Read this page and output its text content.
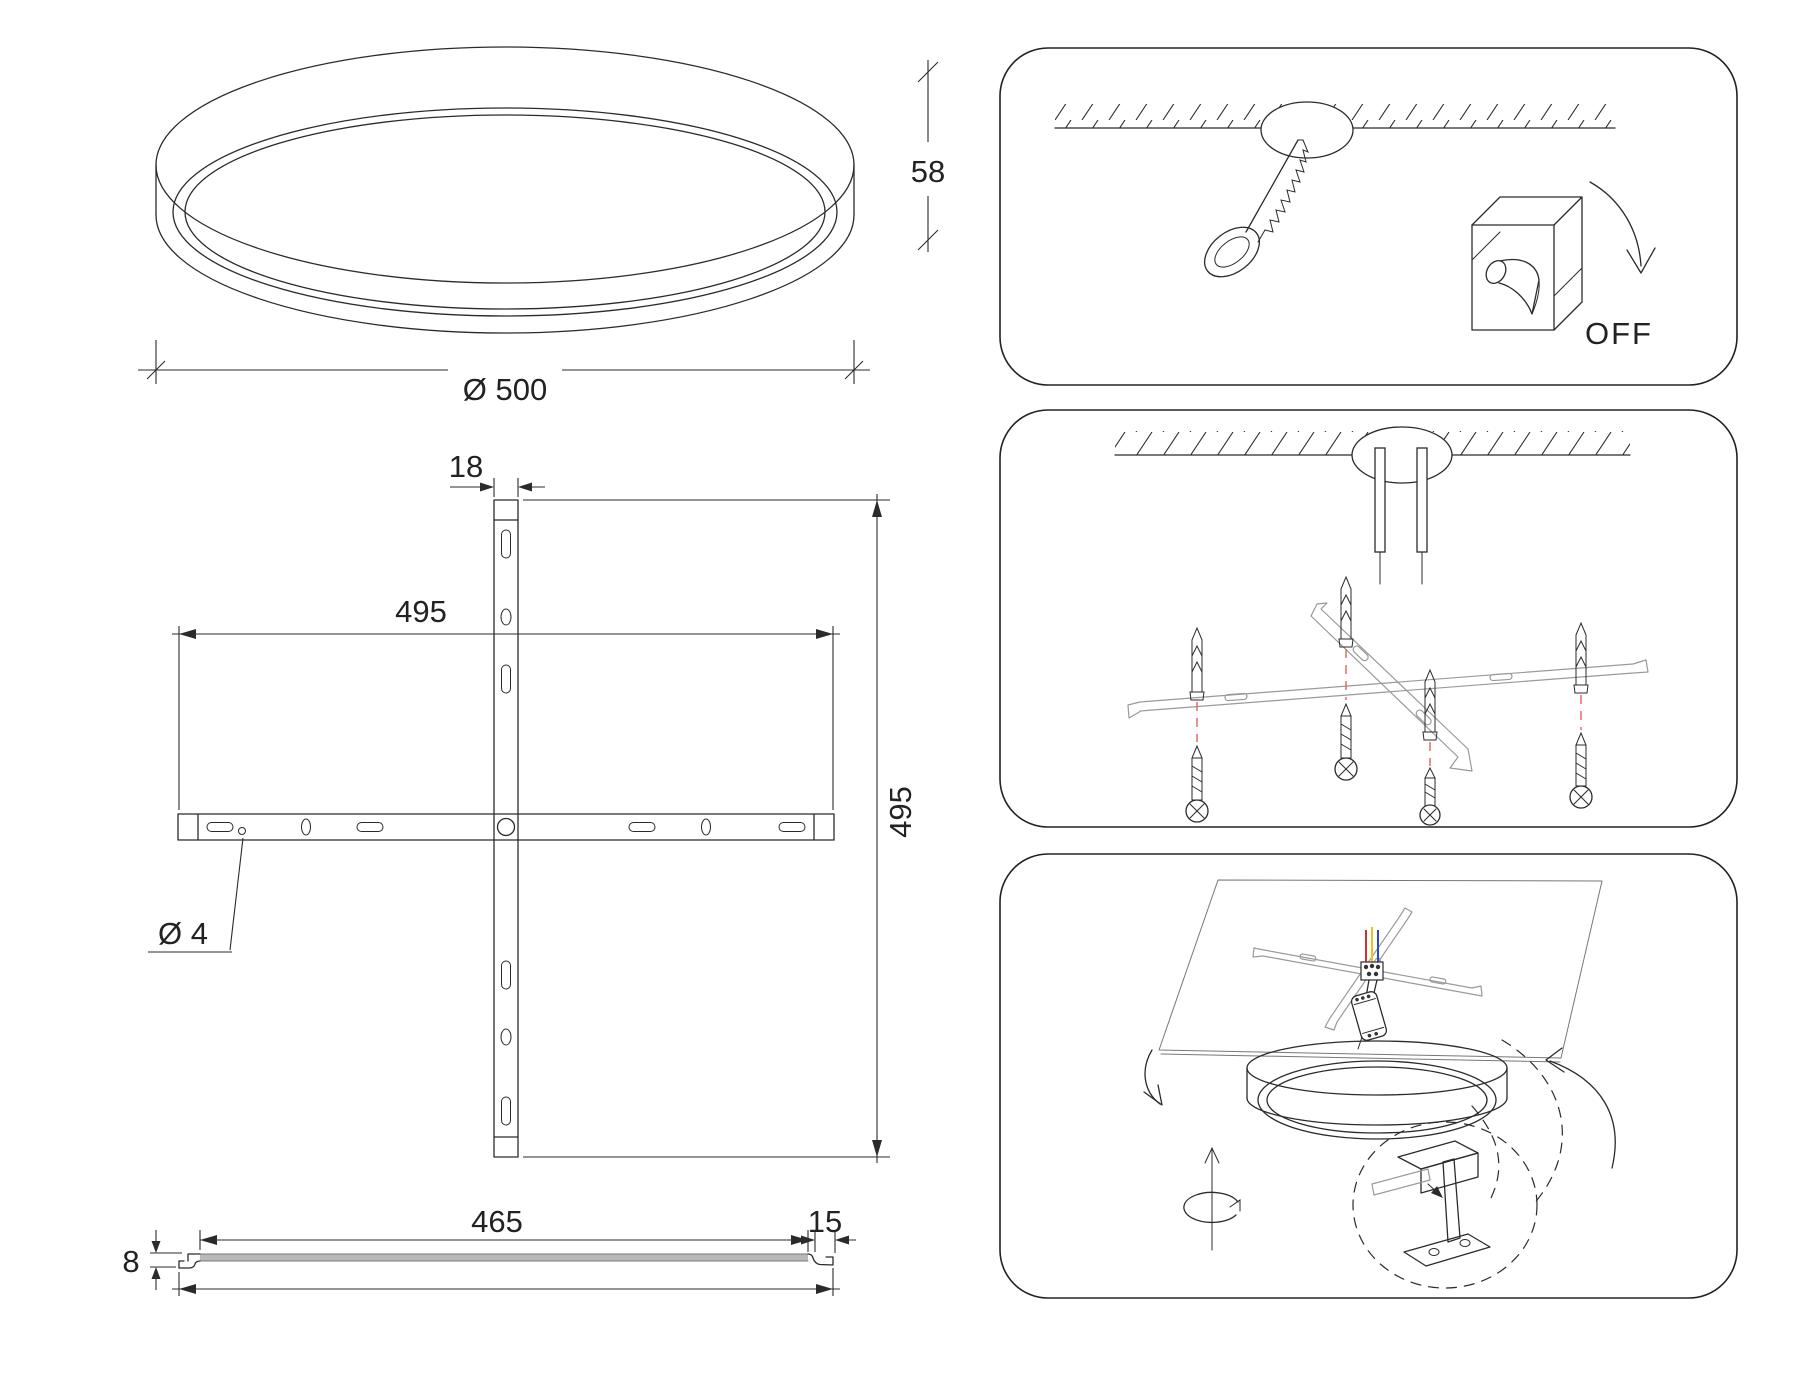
Ø 500
58
18
495
495
Ø 4
465	15
8
OFF
